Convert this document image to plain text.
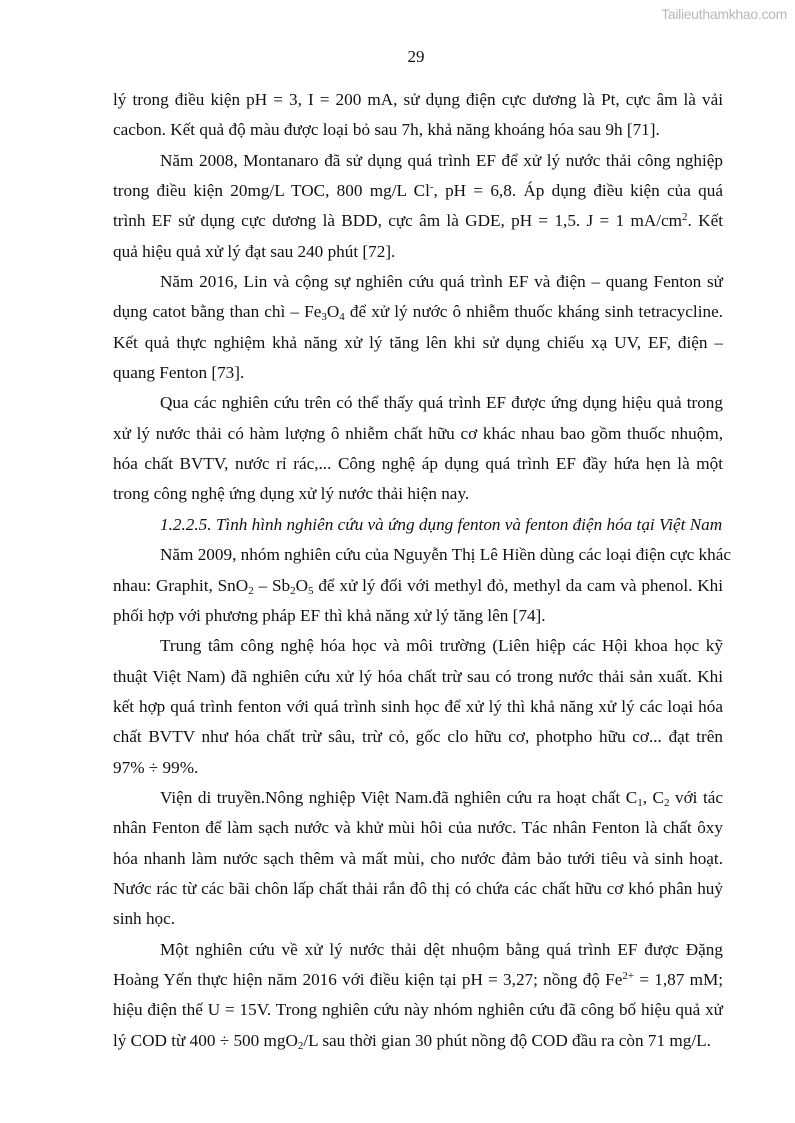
Tailieuthamkhao.com
29
lý trong điều kiện pH = 3, I = 200 mA, sử dụng điện cực dương là Pt, cực âm là vải
cacbon. Kết quả độ màu được loại bỏ sau 7h, khả năng khoáng hóa sau 9h [71].
Năm 2008, Montanaro đã sử dụng quá trình EF để xử lý nước thải công nghiệp
trong điều kiện 20mg/L TOC, 800 mg/L Cl-, pH = 6,8. Áp dụng điều kiện của quá
trình EF sử dụng cực dương là BDD, cực âm là GDE, pH = 1,5. J = 1 $mA/cm^2$. Kết
quả hiệu quả xử lý đạt sau 240 phút [72].
Năm 2016, Lin và cộng sự nghiên cứu quá trình EF và điện – quang Fenton sử
dụng catot bằng than chì – $Fe_3O_4$ để xử lý nước ô nhiễm thuốc kháng sinh tetracycline.
Kết quả thực nghiệm khả năng xử lý tăng lên khi sử dụng chiếu xạ UV, EF, điện –
quang Fenton [73].
Qua các nghiên cứu trên có thể thấy quá trình EF được ứng dụng hiệu quả trong
xử lý nước thải có hàm lượng ô nhiễm chất hữu cơ khác nhau bao gồm thuốc nhuộm,
hóa chất BVTV, nước rỉ rác,... Công nghệ áp dụng quá trình EF đầy hứa hẹn là một
trong công nghệ ứng dụng xử lý nước thải hiện nay.
1.2.2.5. Tình hình nghiên cứu và ứng dụng fenton và fenton điện hóa tại Việt Nam
Năm 2009, nhóm nghiên cứu của Nguyễn Thị Lê Hiền dùng các loại điện cực khác
nhau: Graphit, $SnO_2 - Sb_2O_5$ để xử lý đối với methyl đỏ, methyl da cam và phenol. Khi
phối hợp với phương pháp EF thì khả năng xử lý tăng lên [74].
Trung tâm công nghệ hóa học và môi trường (Liên hiệp các Hội khoa học kỹ
thuật Việt Nam) đã nghiên cứu xử lý hóa chất trừ sau có trong nước thải sản xuất. Khi
kết hợp quá trình fenton với quá trình sinh học để xử lý thì khả năng xử lý các loại hóa
chất BVTV như hóa chất trừ sâu, trừ cỏ, gốc clo hữu cơ, photpho hữu cơ... đạt trên
97% ÷ 99%.
Viện di truyền.Nông nghiệp Việt Nam.đã nghiên cứu ra hoạt chất $C_1$, $C_2$ với tác
nhân Fenton để làm sạch nước và khử mùi hôi của nước. Tác nhân Fenton là chất ôxy
hóa nhanh làm nước sạch thêm và mất mùi, cho nước đảm bảo tưới tiêu và sinh hoạt.
Nước rác từ các bãi chôn lấp chất thải rắn đô thị có chứa các chất hữu cơ khó phân huỷ
sinh học.
Một nghiên cứu về xử lý nước thải dệt nhuộm bằng quá trình EF được Đặng
Hoàng Yến thực hiện năm 2016 với điều kiện tại pH = 3,27; nồng độ $Fe^{2+} = 1,87$ mM;
hiệu điện thế U = 15V. Trong nghiên cứu này nhóm nghiên cứu đã công bố hiệu quả xử
lý COD từ 400 ÷ 500 mgO$_2$/L sau thời gian 30 phút nồng độ COD đầu ra còn 71 mg/L.
